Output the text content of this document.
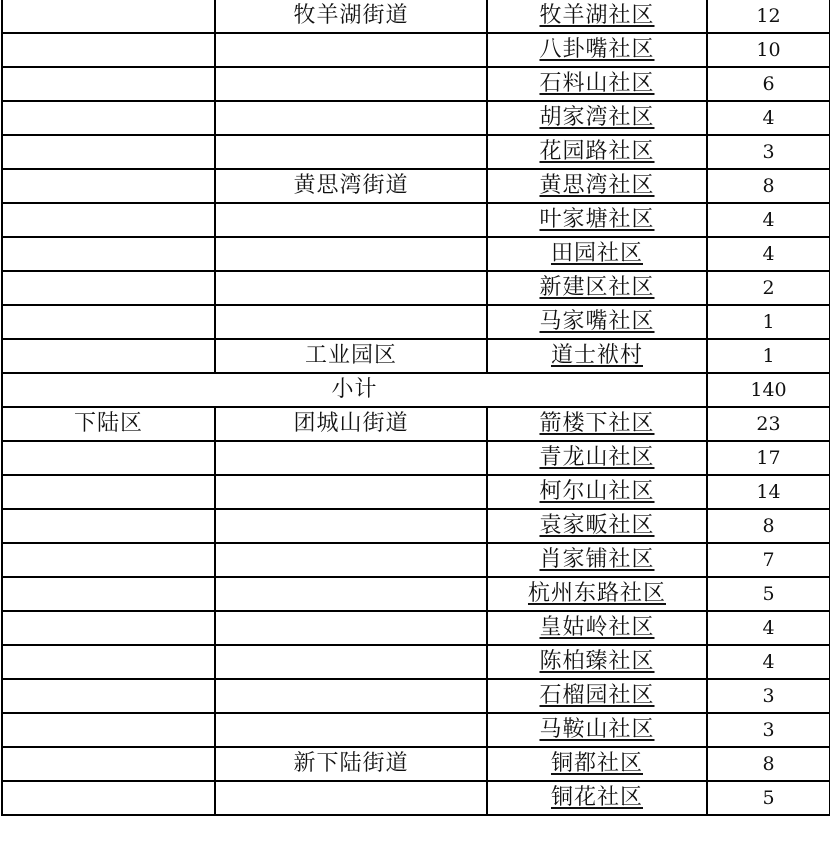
	牧羊湖街道	牧羊湖社区	12
		八卦嘴社区	10
		石料山社区	6
		胡家湾社区	4
		花园路社区	3
	黄思湾街道	黄思湾社区	8
		叶家塘社区	4
		田园社区	4
		新建区社区	2
		马家嘴社区	1
	工业园区	道士袱村	1
小计			140
下陆区	团城山街道	箭楼下社区	23
		青龙山社区	17
		柯尔山社区	14
		袁家畈社区	8
		肖家铺社区	7
		杭州东路社区	5
		皇姑岭社区	4
		陈柏臻社区	4
		石榴园社区	3
		马鞍山社区	3
	新下陆街道	铜都社区	8
		铜花社区	5
